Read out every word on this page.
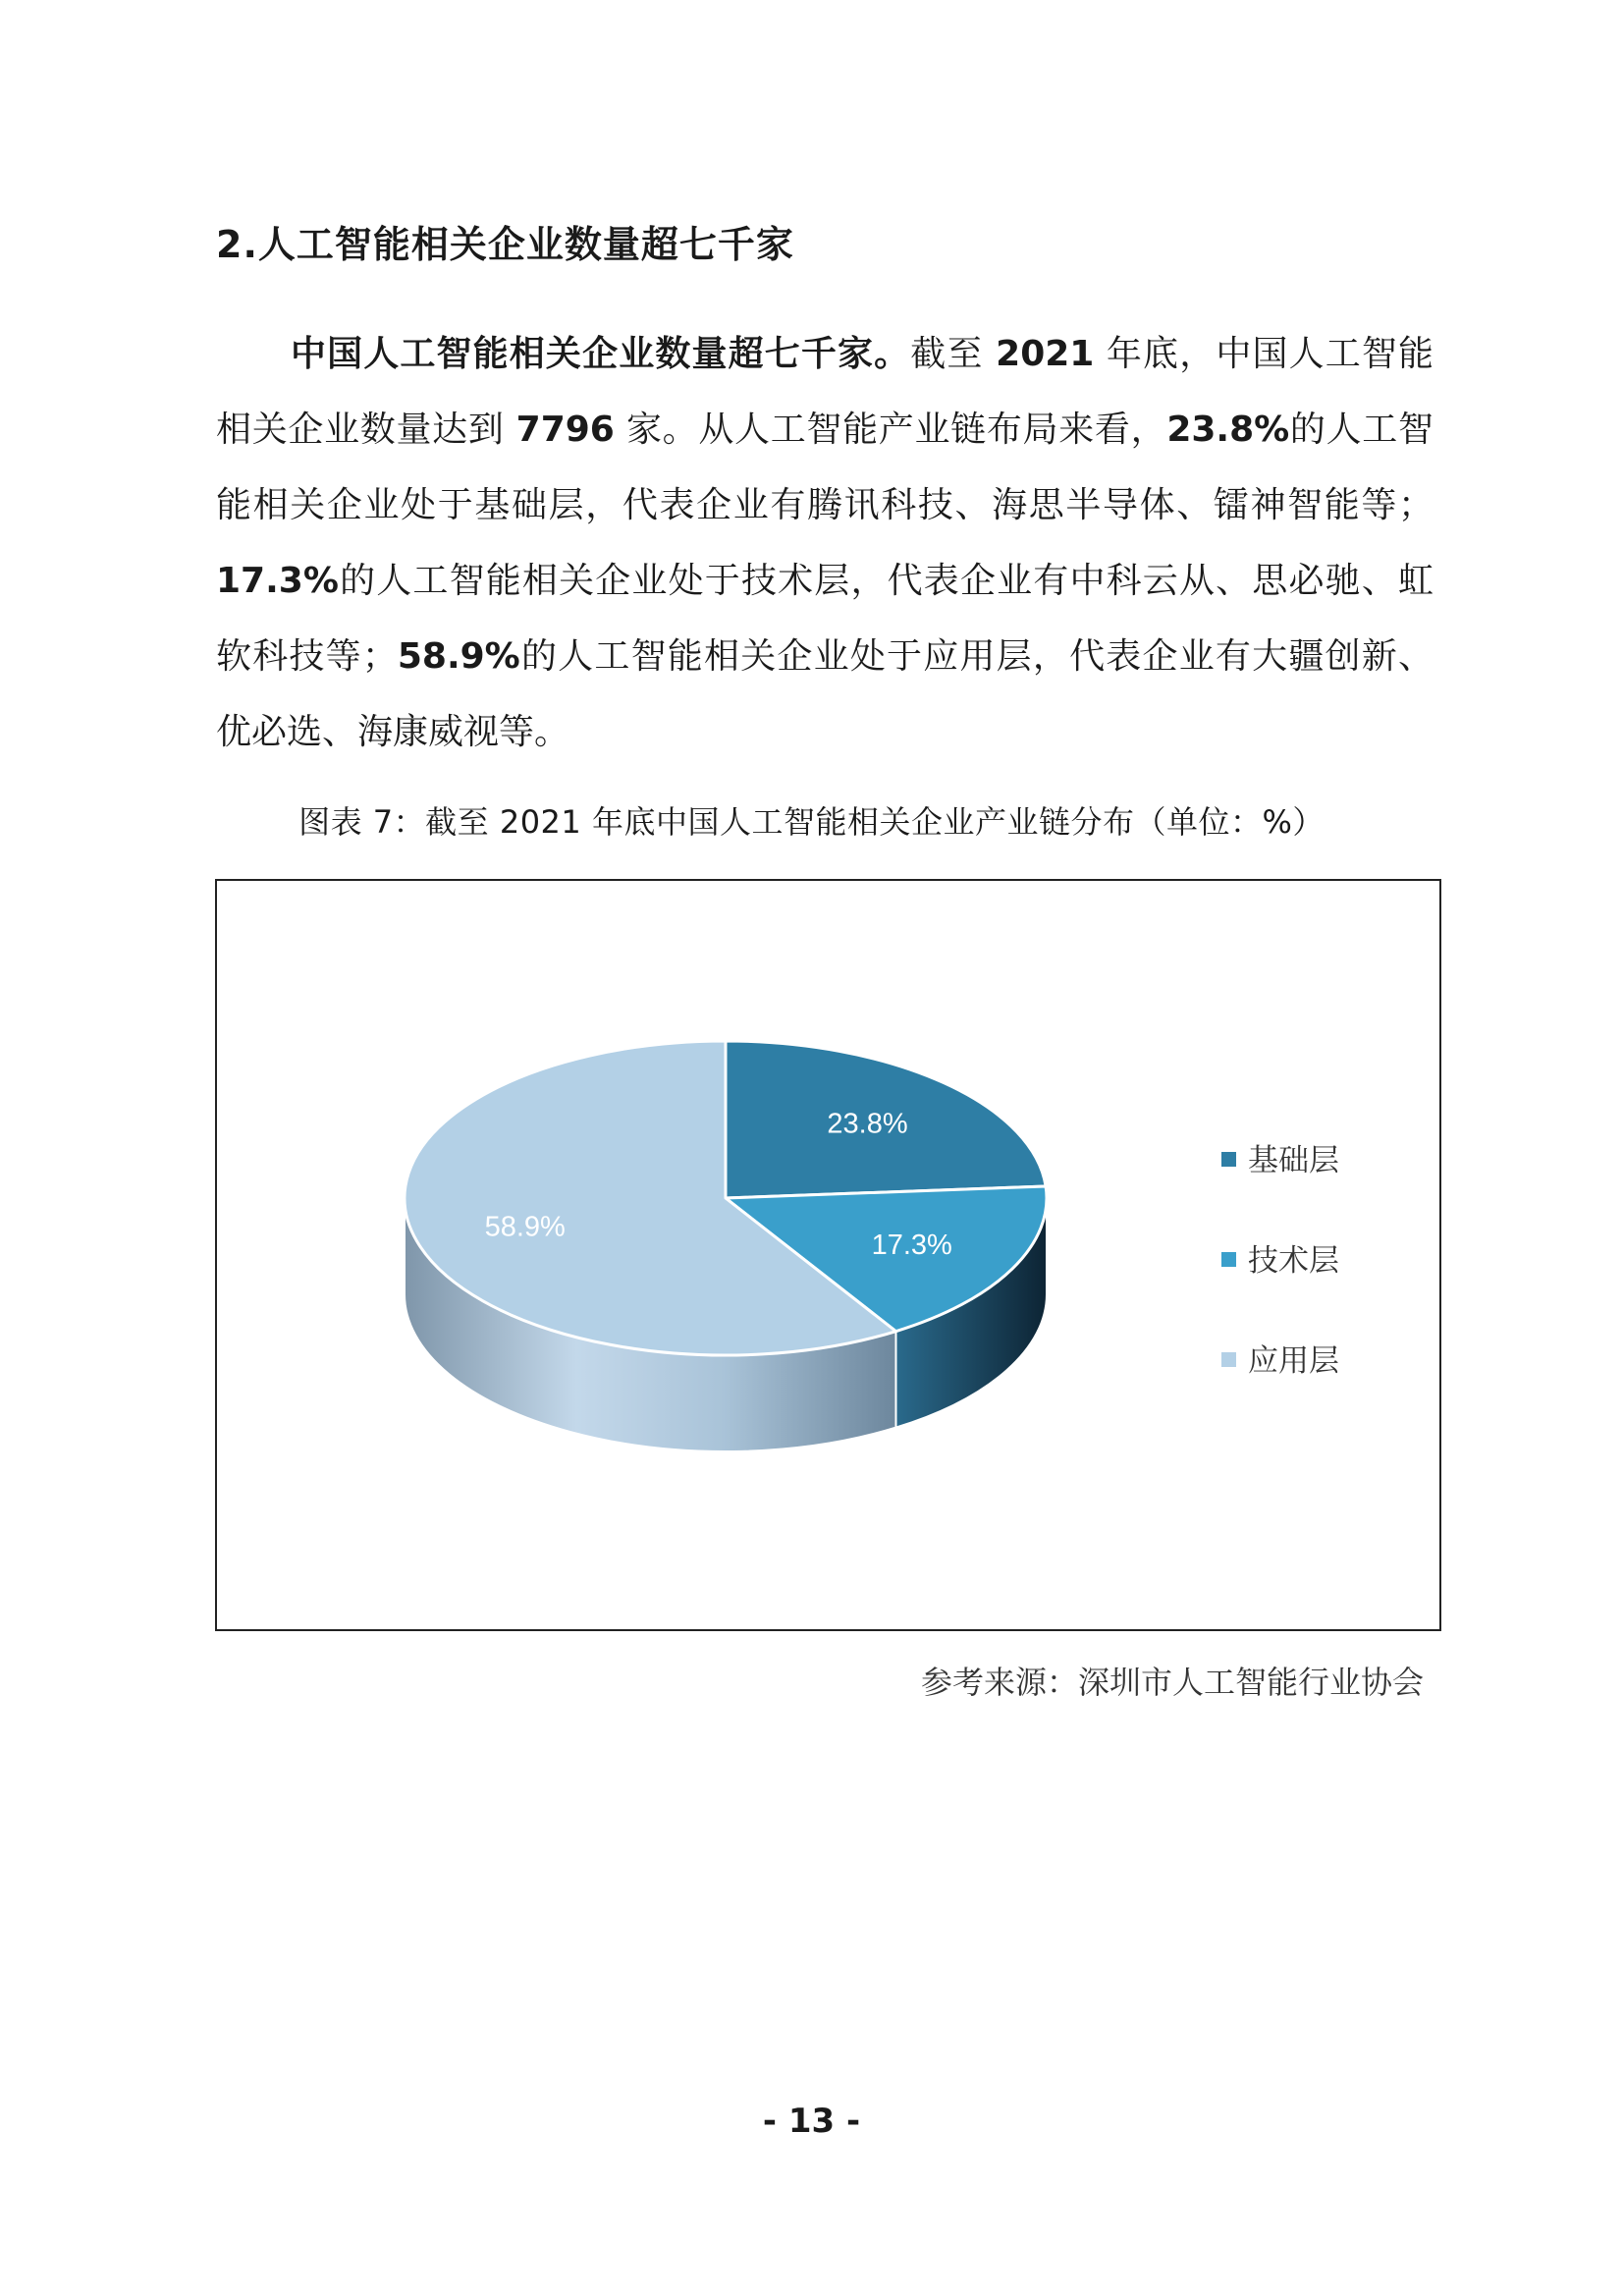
2.人工智能相关企业数量超七千家

中国人工智能相关企业数量超七千家。截至 2021 年底，中国人工智能相关企业数量达到 7796 家。从人工智能产业链布局来看，23.8%的人工智能相关企业处于基础层，代表企业有腾讯科技、海思半导体、镭神智能等；17.3%的人工智能相关企业处于技术层，代表企业有中科云从、思必驰、虹软科技等；58.9%的人工智能相关企业处于应用层，代表企业有大疆创新、优必选、海康威视等。

图表 7：截至 2021 年底中国人工智能相关企业产业链分布（单位：%）
23.8%
17.3%
58.9%
基础层
技术层
应用层
参考来源：深圳市人工智能行业协会
- 13 -
